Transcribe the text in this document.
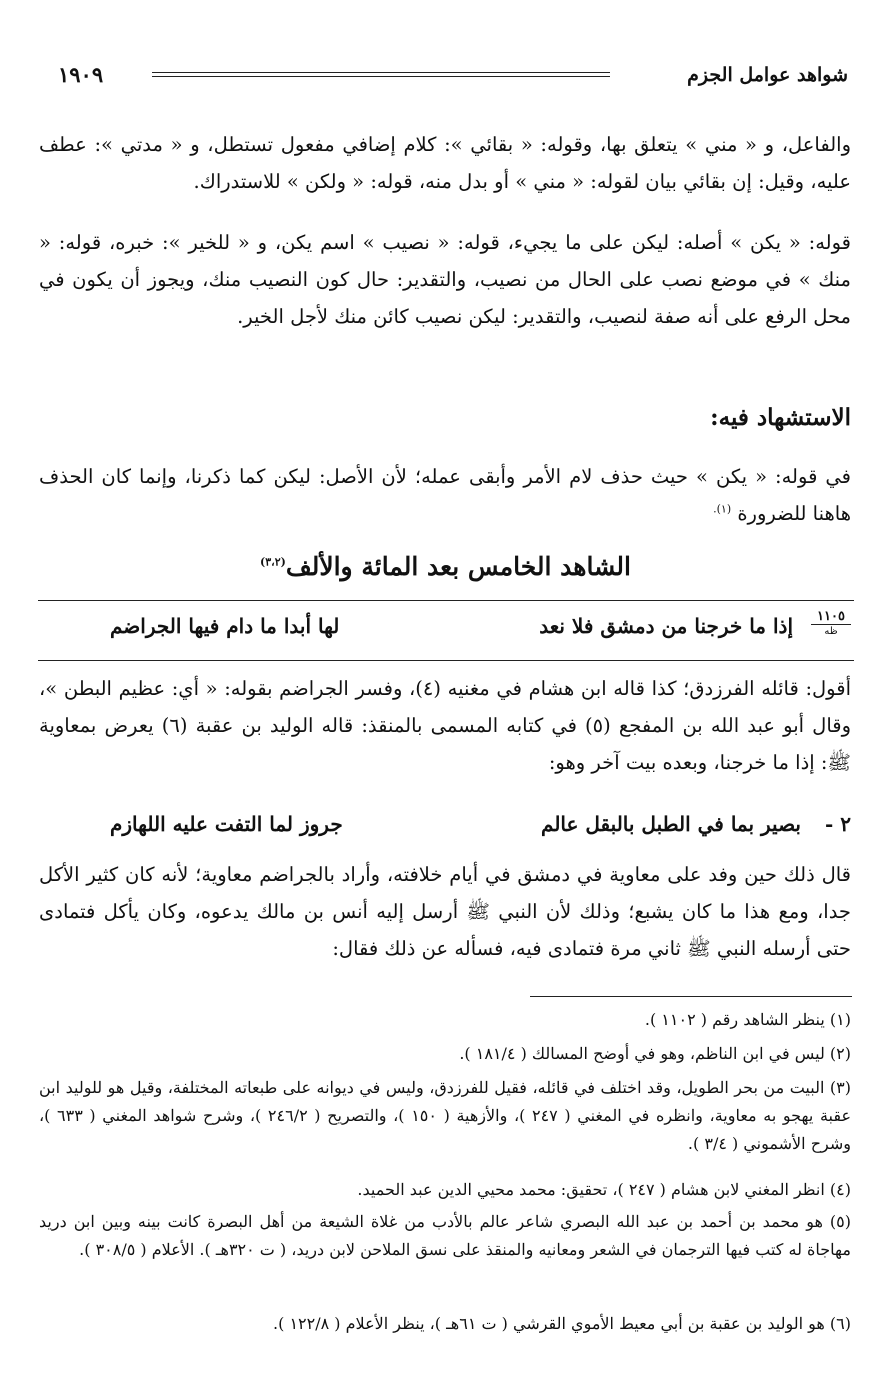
شواهد عوامل الجزم
١٩٠٩

والفاعل، و « مني » يتعلق بها، وقوله: « بقائي »: كلام إضافي مفعول تستطل، و « مدتي »: عطف عليه، وقيل: إن بقائي بيان لقوله: « مني » أو بدل منه، قوله: « ولكن » للاستدراك.

قوله: « يكن » أصله: ليكن على ما يجيء، قوله: « نصيب » اسم يكن، و « للخير »: خبره، قوله: « منك » في موضع نصب على الحال من نصيب، والتقدير: حال كون النصيب منك، ويجوز أن يكون في محل الرفع على أنه صفة لنصيب، والتقدير: ليكن نصيب كائن منك لأجل الخير.

الاستشهاد فيه:

في قوله: « يكن » حيث حذف لام الأمر وأبقى عمله؛ لأن الأصل: ليكن كما ذكرنا، وإنما كان الحذف هاهنا للضرورة $^{(١).}$

الشاهد الخامس بعد المائة والألف$^{(٣،٢)}$
١١٠٥
ظه
إذا ما خرجنا من دمشق فلا نعد
لها أبدا ما دام فيها الجراضم

أقول: قائله الفرزدق؛ كذا قاله ابن هشام في مغنيه (٤)، وفسر الجراضم بقوله: « أي: عظيم البطن »، وقال أبو عبد الله بن المفجع (٥) في كتابه المسمى بالمنقذ: قاله الوليد بن عقبة (٦) يعرض بمعاوية ﷺ: إذا ما خرجنا، وبعده بيت آخر وهو:

٢ -
بصير بما في الطبل بالبقل عالم
جروز لما التفت عليه اللهازم

قال ذلك حين وفد على معاوية في دمشق في أيام خلافته، وأراد بالجراضم معاوية؛ لأنه كان كثير الأكل جدا، ومع هذا ما كان يشبع؛ وذلك لأن النبي ﷺ أرسل إليه أنس بن مالك يدعوه، وكان يأكل فتمادى حتى أرسله النبي ﷺ ثاني مرة فتمادى فيه، فسأله عن ذلك فقال:

(١) ينظر الشاهد رقم ( ١١٠٢ ).

(٢) ليس في ابن الناظم، وهو في أوضح المسالك ( ١٨١/٤ ).

(٣) البيت من بحر الطويل، وقد اختلف في قائله، فقيل للفرزدق، وليس في ديوانه على طبعاته المختلفة، وقيل هو للوليد ابن عقبة يهجو به معاوية، وانظره في المغني ( ٢٤٧ )، والأزهية ( ١٥٠ )، والتصريح ( ٢٤٦/٢ )، وشرح شواهد المغني ( ٦٣٣ )، وشرح الأشموني ( ٣/٤ ).

(٤) انظر المغني لابن هشام ( ٢٤٧ )، تحقيق: محمد محيي الدين عبد الحميد.

(٥) هو محمد بن أحمد بن عبد الله البصري شاعر عالم بالأدب من غلاة الشيعة من أهل البصرة كانت بينه وبين ابن دريد مهاجاة له كتب فيها الترجمان في الشعر ومعانيه والمنقذ على نسق الملاحن لابن دريد، ( ت ٣٢٠هـ ). الأعلام ( ٣٠٨/٥ ).

(٦) هو الوليد بن عقبة بن أبي معيط الأموي القرشي ( ت ٦١هـ )، ينظر الأعلام ( ١٢٢/٨ ).
